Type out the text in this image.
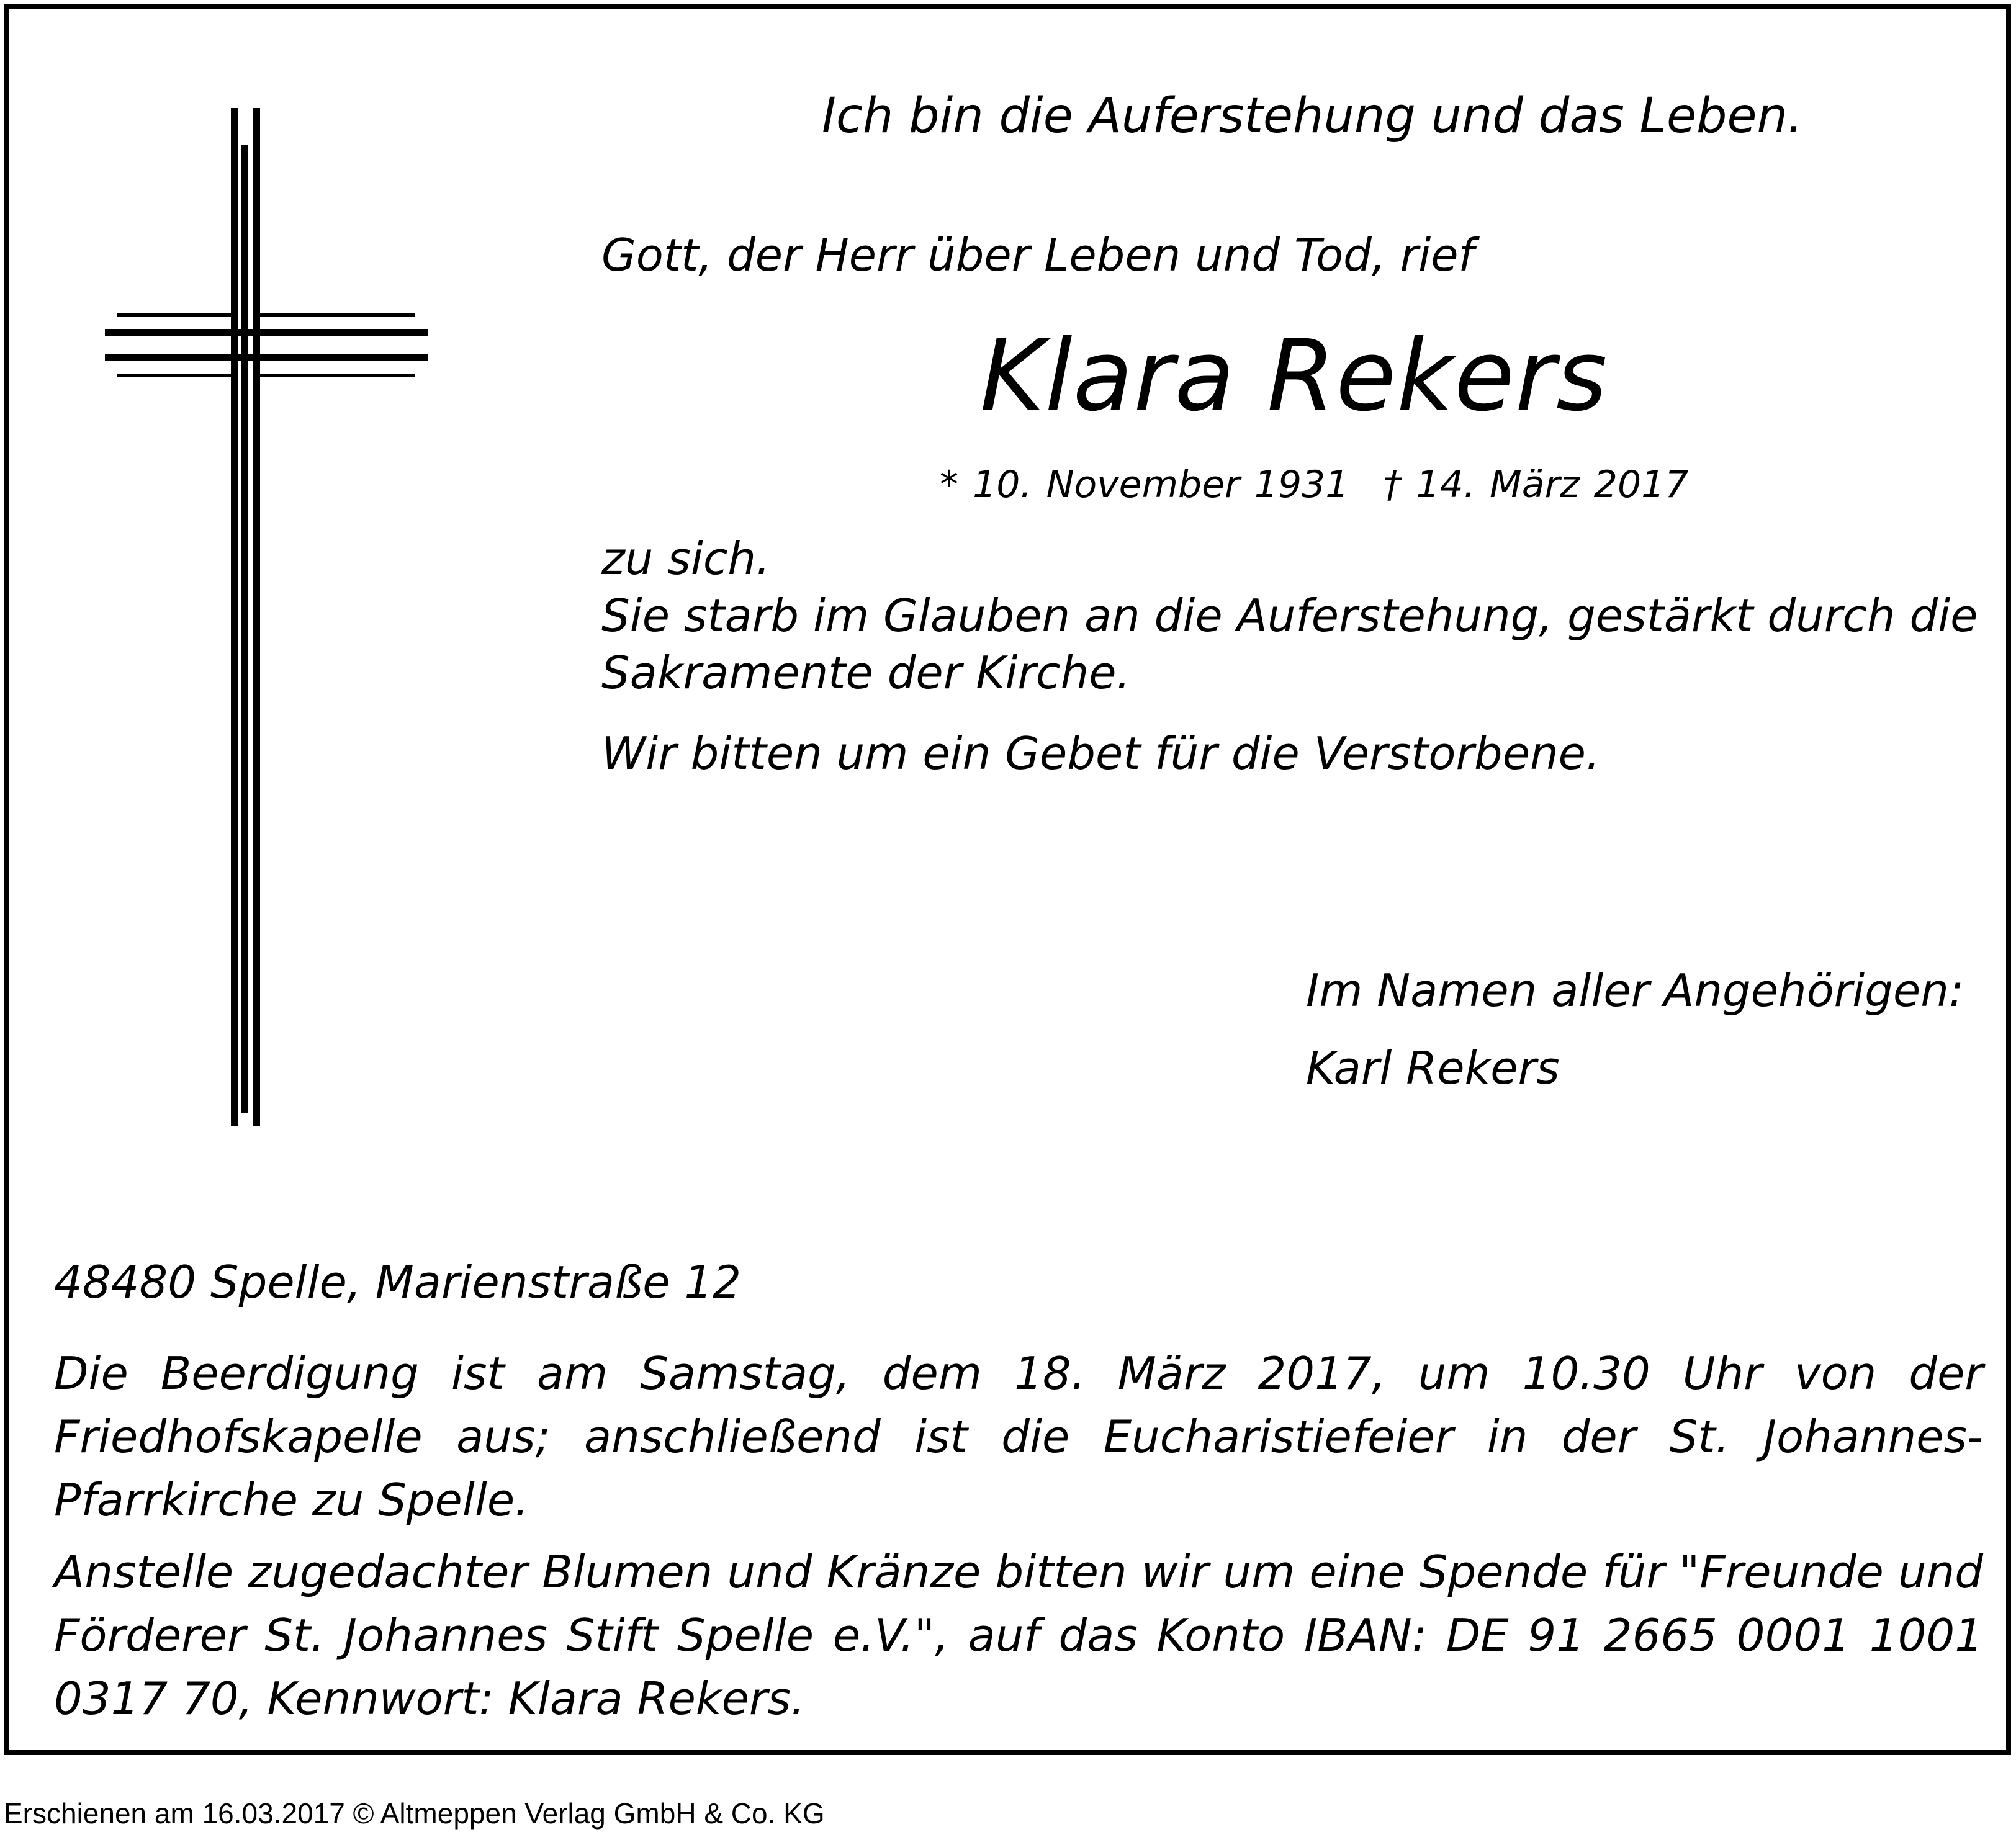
Ich bin die Auferstehung und das Leben.
Gott, der Herr über Leben und Tod, rief
Klara Rekers
* 10. November 1931 † 14. März 2017
zu sich.
Sie starb im Glauben an die Auferstehung, gestärkt durch die
Sakramente der Kirche.
Wir bitten um ein Gebet für die Verstorbene.
Im Namen aller Angehörigen:
Karl Rekers
48480 Spelle, Marienstraße 12

Die Beerdigung ist am Samstag, dem 18. März 2017, um 10.30 Uhr von der Friedhofskapelle aus; anschließend ist die Eucharistiefeier in der St. Johannes-Pfarrkirche zu Spelle.

Anstelle zugedachter Blumen und Kränze bitten wir um eine Spende für "Freunde und Förderer St. Johannes Stift Spelle e.V.", auf das Konto IBAN: DE 91 2665 0001 1001 0317 70, Kennwort: Klara Rekers.

Erschienen am 16.03.2017 © Altmeppen Verlag GmbH & Co. KG
